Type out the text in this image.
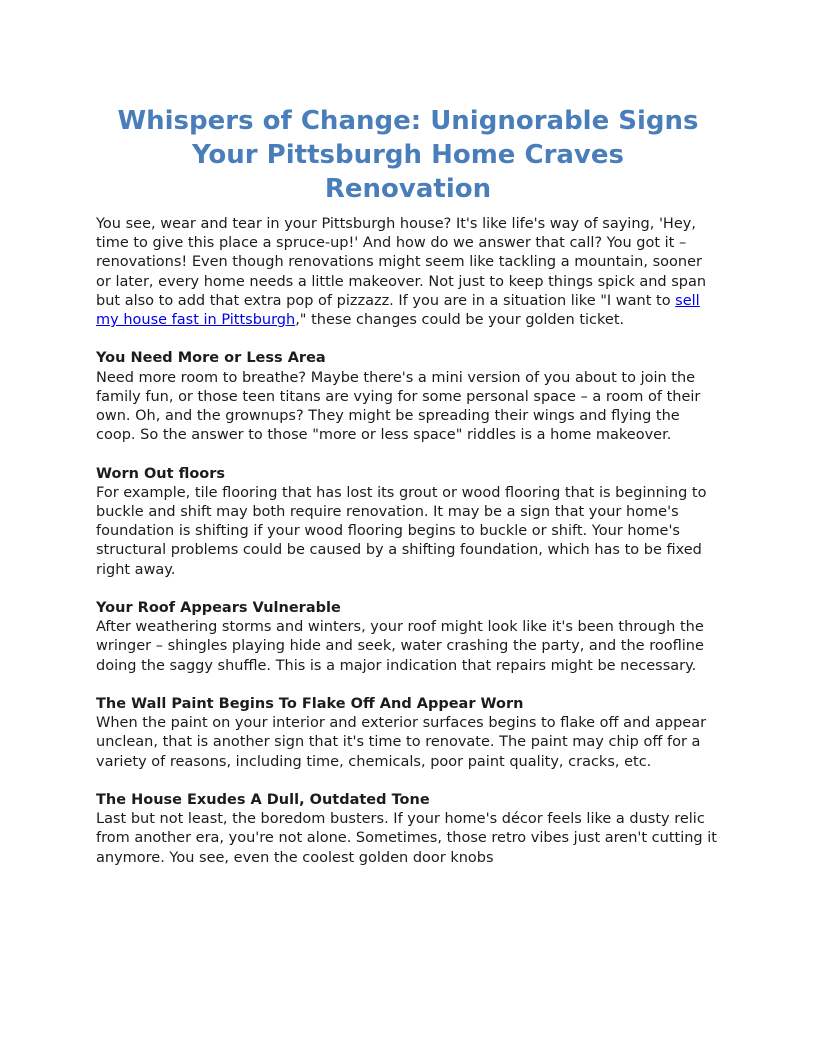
Whispers of Change: Unignorable Signs
Your Pittsburgh Home Craves
Renovation

You see, wear and tear in your Pittsburgh house? It's like life's way of saying, 'Hey, time to give this place a spruce-up!' And how do we answer that call? You got it – renovations! Even though renovations might seem like tackling a mountain, sooner or later, every home needs a little makeover. Not just to keep things spick and span but also to add that extra pop of pizzazz. If you are in a situation like "I want to sell my house fast in Pittsburgh," these changes could be your golden ticket.

You Need More or Less Area

Need more room to breathe? Maybe there's a mini version of you about to join the family fun, or those teen titans are vying for some personal space – a room of their own. Oh, and the grownups? They might be spreading their wings and flying the coop. So the answer to those "more or less space" riddles is a home makeover.

Worn Out floors

For example, tile flooring that has lost its grout or wood flooring that is beginning to buckle and shift may both require renovation. It may be a sign that your home's foundation is shifting if your wood flooring begins to buckle or shift. Your home's structural problems could be caused by a shifting foundation, which has to be fixed right away.

Your Roof Appears Vulnerable

After weathering storms and winters, your roof might look like it's been through the wringer – shingles playing hide and seek, water crashing the party, and the roofline doing the saggy shuffle. This is a major indication that repairs might be necessary.

The Wall Paint Begins To Flake Off And Appear Worn

When the paint on your interior and exterior surfaces begins to flake off and appear unclean, that is another sign that it's time to renovate. The paint may chip off for a variety of reasons, including time, chemicals, poor paint quality, cracks, etc.

The House Exudes A Dull, Outdated Tone

Last but not least, the boredom busters. If your home's décor feels like a dusty relic from another era, you're not alone. Sometimes, those retro vibes just aren't cutting it anymore. You see, even the coolest golden door knobs
